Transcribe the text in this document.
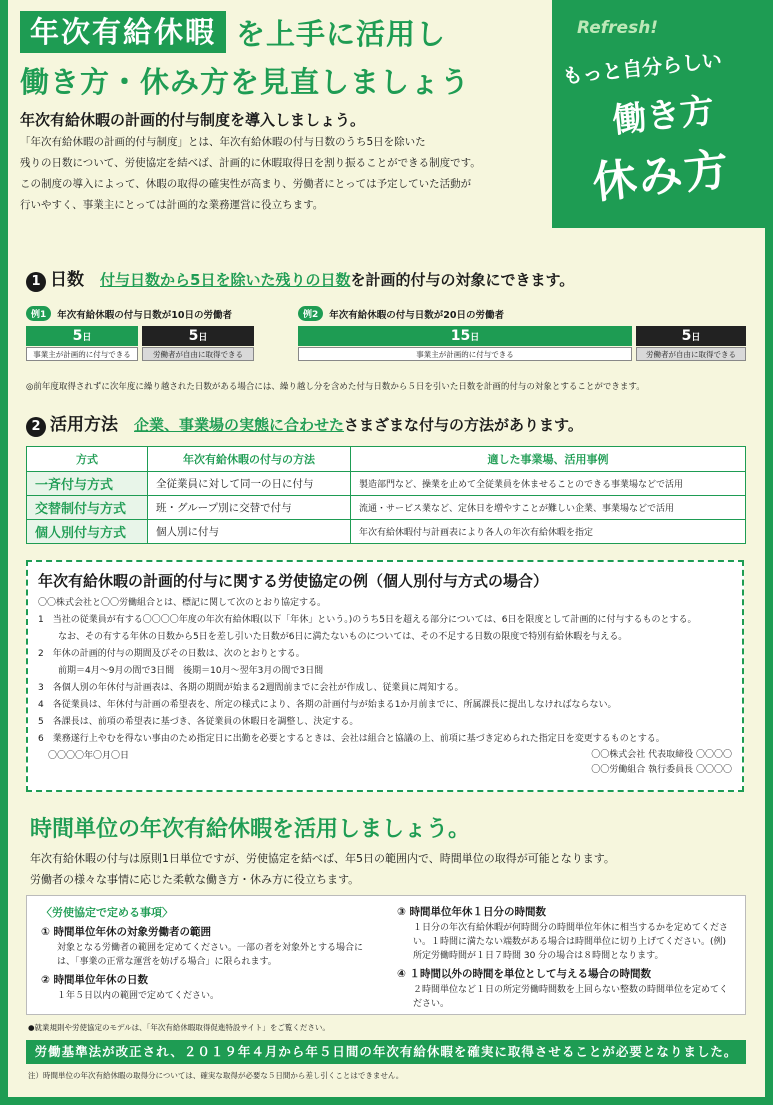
年次有給休暇 を上手に活用し
働き方・休み方を見直しましょう
年次有給休暇の計画的付与制度を導入しましょう。
「年次有給休暇の計画的付与制度」とは、年次有給休暇の付与日数のうち5日を除いた
残りの日数について、労使協定を結べば、計画的に休暇取得日を割り振ることができる制度です。
この制度の導入によって、休暇の取得の確実性が高まり、労働者にとっては予定していた活動が
行いやすく、事業主にとっては計画的な業務運営に役立ちます。
Refresh!
もっと自分らしい
働き方
休み方
1 日数 付与日数から5日を除いた残りの日数 を計画的付与の対象にできます。
例1	年次有給休暇の付与日数が10日の労働者
5日	5日
事業主が計画的に付与できる	労働者が自由に取得できる
例2	年次有給休暇の付与日数が20日の労働者
15日	5日
事業主が計画的に付与できる	労働者が自由に取得できる
◎前年度取得されずに次年度に繰り越された日数がある場合には、繰り越し分を含めた付与日数から５日を引いた日数を計画的付与の対象とすることができます。
2 活用方法 企業、事業場の実態に合わせた さまざまな付与の方法があります。
方式	年次有給休暇の付与の方法	適した事業場、活用事例
一斉付与方式	全従業員に対して同一の日に付与	製造部門など、操業を止めて全従業員を休ませることのできる事業場などで活用
交替制付与方式	班・グループ別に交替で付与	流通・サービス業など、定休日を増やすことが難しい企業、事業場などで活用
個人別付与方式	個人別に付与	年次有給休暇付与計画表により各人の年次有給休暇を指定
年次有給休暇の計画的付与に関する労使協定の例（個人別付与方式の場合）

〇〇株式会社と〇〇労働組合とは、標記に関して次のとおり協定する。

1　当社の従業員が有する〇〇〇〇年度の年次有給休暇(以下「年休」という。)のうち5日を超える部分については、6日を限度として計画的に付与するものとする。

なお、その有する年休の日数から5日を差し引いた日数が6日に満たないものについては、その不足する日数の限度で特別有給休暇を与える。

2　年休の計画的付与の期間及びその日数は、次のとおりとする。

前期＝4月～9月の間で3日間　後期＝10月～翌年3月の間で3日間

3　各個人別の年休付与計画表は、各期の期間が始まる2週間前までに会社が作成し、従業員に周知する。

4　各従業員は、年休付与計画の希望表を、所定の様式により、各期の計画付与が始まる1か月前までに、所属課長に提出しなければならない。

5　各課長は、前項の希望表に基づき、各従業員の休暇日を調整し、決定する。

6　業務遂行上やむを得ない事由のため指定日に出勤を必要とするときは、会社は組合と協議の上、前項に基づき定められた指定日を変更するものとする。

〇〇〇〇年〇月〇日	〇〇株式会社 代表取締役 〇〇〇〇
〇〇労働組合 執行委員長 〇〇〇〇
時間単位の年次有給休暇を活用しましょう。
年次有給休暇の付与は原則1日単位ですが、労使協定を結べば、年5日の範囲内で、時間単位の取得が可能となります。
労働者の様々な事情に応じた柔軟な働き方・休み方に役立ちます。
〈労使協定で定める事項〉
① 時間単位年休の対象労働者の範囲
対象となる労働者の範囲を定めてください。一部の者を対象外とする場合には、「事業の正常な運営を妨げる場合」に限られます。
② 時間単位年休の日数
１年５日以内の範囲で定めてください。
③ 時間単位年休１日分の時間数
１日分の年次有給休暇が何時間分の時間単位年休に相当するかを定めてください。１時間に満たない端数がある場合は時間単位に切り上げてください。(例)所定労働時間が１日７時間 30 分の場合は８時間となります。
④ １時間以外の時間を単位として与える場合の時間数
２時間単位など１日の所定労働時間数を上回らない整数の時間単位を定めてください。
●就業規則や労使協定のモデルは、「年次有給休暇取得促進特設サイト」をご覧ください。
労働基準法が改正され、２０１９年４月から年５日間の年次有給休暇を確実に取得させることが必要となりました。
注）時間単位の年次有給休暇の取得分については、確実な取得が必要な５日間から差し引くことはできません。
